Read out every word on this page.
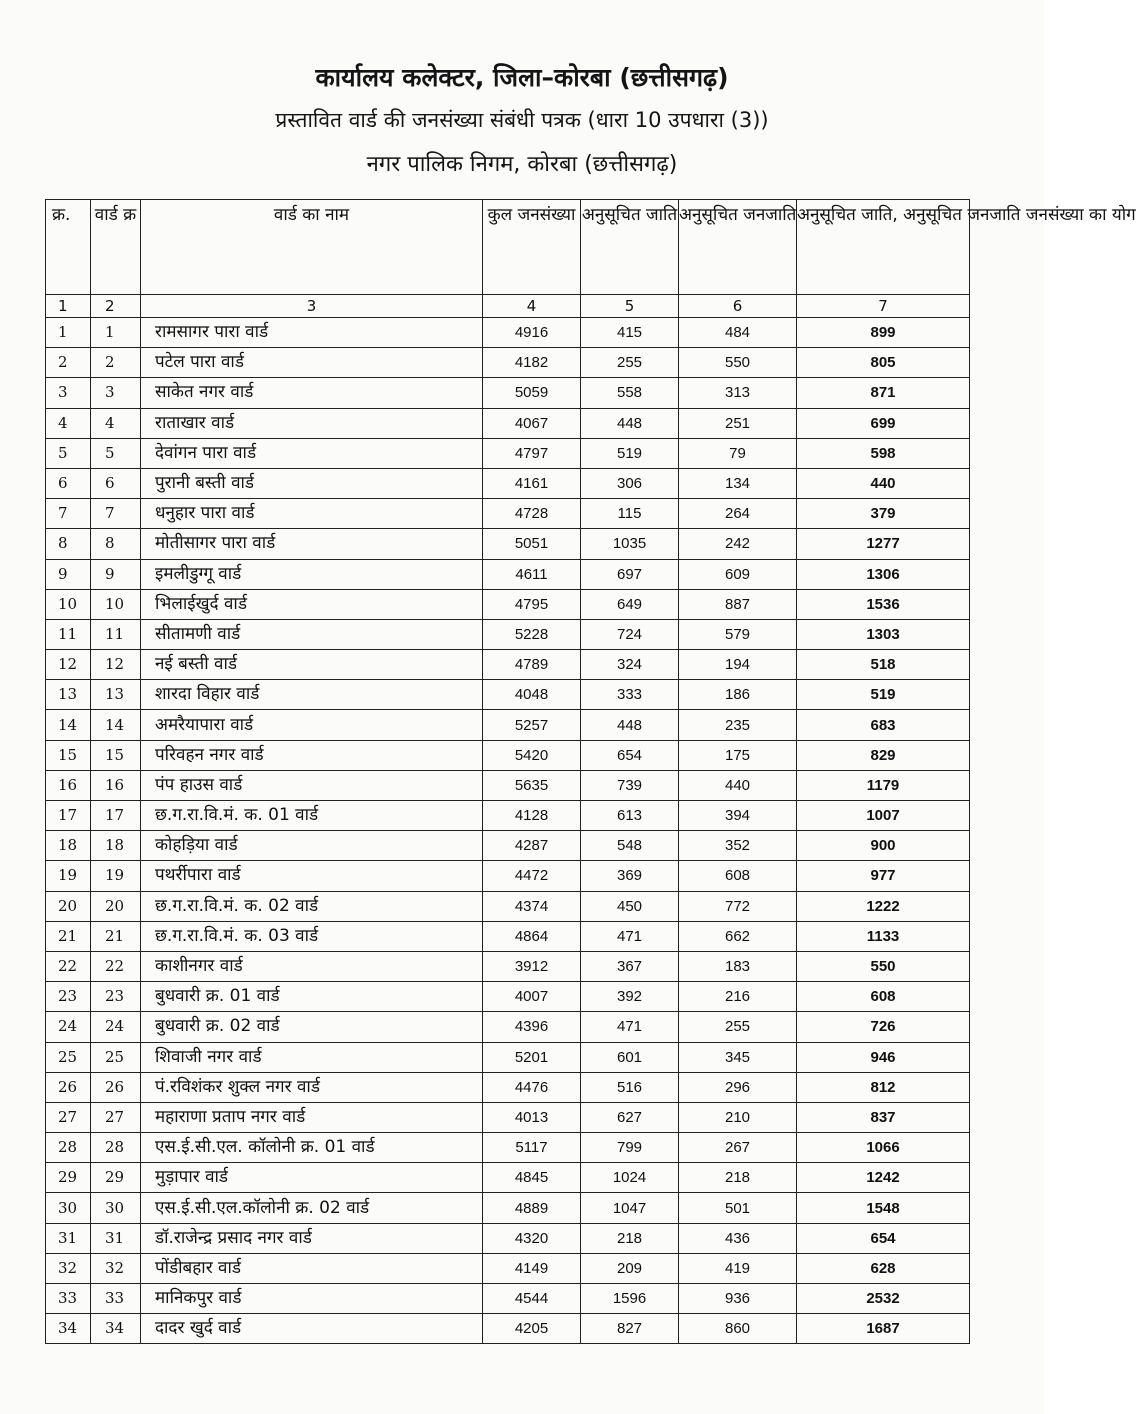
कार्यालय कलेक्टर, जिला–कोरबा (छत्तीसगढ़)
प्रस्तावित वार्ड की जनसंख्या संबंधी पत्रक (धारा 10 उपधारा (3))
नगर पालिक निगम, कोरबा (छत्तीसगढ़)
क्र.	वार्ड क्र	वार्ड का नाम	कुल जनसंख्या	अनुसूचित जाति	अनुसूचित जनजाति	अनुसूचित जाति, अनुसूचित जनजाति जनसंख्या का योग
1	2	3	4	5	6	7
1	1	रामसागर पारा वार्ड	4916	415	484	899
2	2	पटेल पारा वार्ड	4182	255	550	805
3	3	साकेत नगर वार्ड	5059	558	313	871
4	4	राताखार वार्ड	4067	448	251	699
5	5	देवांगन पारा वार्ड	4797	519	79	598
6	6	पुरानी बस्ती वार्ड	4161	306	134	440
7	7	धनुहार पारा वार्ड	4728	115	264	379
8	8	मोतीसागर पारा वार्ड	5051	1035	242	1277
9	9	इमलीडुग्गू वार्ड	4611	697	609	1306
10	10	भिलाईखुर्द वार्ड	4795	649	887	1536
11	11	सीतामणी वार्ड	5228	724	579	1303
12	12	नई बस्ती वार्ड	4789	324	194	518
13	13	शारदा विहार वार्ड	4048	333	186	519
14	14	अमरैयापारा वार्ड	5257	448	235	683
15	15	परिवहन नगर वार्ड	5420	654	175	829
16	16	पंप हाउस वार्ड	5635	739	440	1179
17	17	छ.ग.रा.वि.मं. क. 01 वार्ड	4128	613	394	1007
18	18	कोहड़िया वार्ड	4287	548	352	900
19	19	पथर्रीपारा वार्ड	4472	369	608	977
20	20	छ.ग.रा.वि.मं. क. 02 वार्ड	4374	450	772	1222
21	21	छ.ग.रा.वि.मं. क. 03 वार्ड	4864	471	662	1133
22	22	काशीनगर वार्ड	3912	367	183	550
23	23	बुधवारी क्र. 01 वार्ड	4007	392	216	608
24	24	बुधवारी क्र. 02 वार्ड	4396	471	255	726
25	25	शिवाजी नगर वार्ड	5201	601	345	946
26	26	पं.रविशंकर शुक्ल नगर वार्ड	4476	516	296	812
27	27	महाराणा प्रताप नगर वार्ड	4013	627	210	837
28	28	एस.ई.सी.एल. कॉलोनी क्र. 01 वार्ड	5117	799	267	1066
29	29	मुड़ापार वार्ड	4845	1024	218	1242
30	30	एस.ई.सी.एल.कॉलोनी क्र. 02 वार्ड	4889	1047	501	1548
31	31	डॉ.राजेन्द्र प्रसाद नगर वार्ड	4320	218	436	654
32	32	पोंडीबहार वार्ड	4149	209	419	628
33	33	मानिकपुर वार्ड	4544	1596	936	2532
34	34	दादर खुर्द वार्ड	4205	827	860	1687
